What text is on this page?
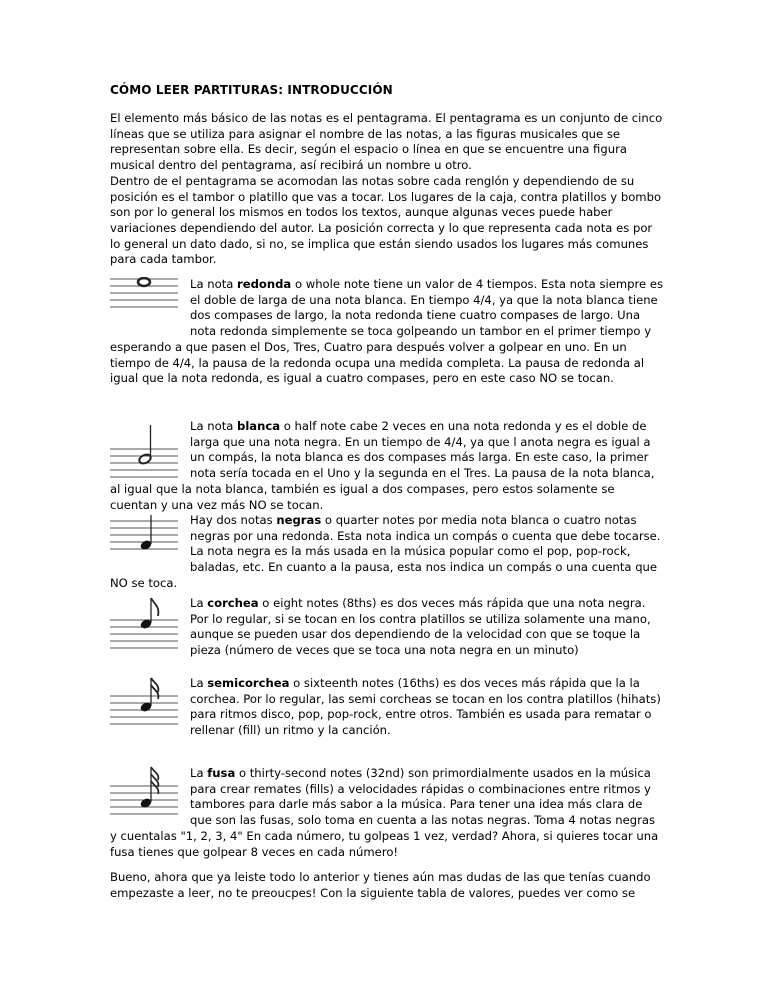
CÓMO LEER PARTITURAS: INTRODUCCIÓN

El elemento más básico de las notas es el pentagrama. El pentagrama es un conjunto de cinco líneas que se utiliza para asignar el nombre de las notas, a las figuras musicales que se representan sobre ella. Es decir, según el espacio o línea en que se encuentre una figura musical dentro del pentagrama, así recibirá un nombre u otro.
Dentro de el pentagrama se acomodan las notas sobre cada renglón y dependiendo de su posición es el tambor o platillo que vas a tocar. Los lugares de la caja, contra platillos y bombo son por lo general los mismos en todos los textos, aunque algunas veces puede haber variaciones dependiendo del autor. La posición correcta y lo que representa cada nota es por lo general un dato dado, si no, se implica que están siendo usados los lugares más comunes para cada tambor.

La nota redonda o whole note tiene un valor de 4 tiempos. Esta nota siempre es el doble de larga de una nota blanca. En tiempo 4/4, ya que la nota blanca tiene dos compases de largo, la nota redonda tiene cuatro compases de largo. Una nota redonda simplemente se toca golpeando un tambor en el primer tiempo y esperando a que pasen el Dos, Tres, Cuatro para después volver a golpear en uno. En un tiempo de 4/4, la pausa de la redonda ocupa una medida completa. La pausa de redonda al igual que la nota redonda, es igual a cuatro compases, pero en este caso NO se tocan.

La nota blanca o half note cabe 2 veces en una nota redonda y es el doble de larga que una nota negra. En un tiempo de 4/4, ya que l anota negra es igual a un compás, la nota blanca es dos compases más larga. En este caso, la primer nota sería tocada en el Uno y la segunda en el Tres. La pausa de la nota blanca, al igual que la nota blanca, también es igual a dos compases, pero estos solamente se cuentan y una vez más NO se tocan.

Hay dos notas negras o quarter notes por media nota blanca o cuatro notas negras por una redonda. Esta nota indica un compás o cuenta que debe tocarse. La nota negra es la más usada en la música popular como el pop, pop-rock, baladas, etc. En cuanto a la pausa, esta nos indica un compás o una cuenta que NO se toca.

La corchea o eight notes (8ths) es dos veces más rápida que una nota negra. Por lo regular, si se tocan en los contra platillos se utiliza solamente una mano, aunque se pueden usar dos dependiendo de la velocidad con que se toque la pieza (número de veces que se toca una nota negra en un minuto)

La semicorchea o sixteenth notes (16ths) es dos veces más rápida que la la corchea. Por lo regular, las semi corcheas se tocan en los contra platillos (hihats) para ritmos disco, pop, pop-rock, entre otros. También es usada para rematar o rellenar (fill) un ritmo y la canción.

La fusa o thirty-second notes (32nd) son primordialmente usados en la música para crear remates (fills) a velocidades rápidas o combinaciones entre ritmos y tambores para darle más sabor a la música. Para tener una idea más clara de que son las fusas, solo toma en cuenta a las notas negras. Toma 4 notas negras y cuentalas "1, 2, 3, 4" En cada número, tu golpeas 1 vez, verdad? Ahora, si quieres tocar una fusa tienes que golpear 8 veces en cada número!

Bueno, ahora que ya leiste todo lo anterior y tienes aún mas dudas de las que tenías cuando empezaste a leer, no te preoucpes! Con la siguiente tabla de valores, puedes ver como se
